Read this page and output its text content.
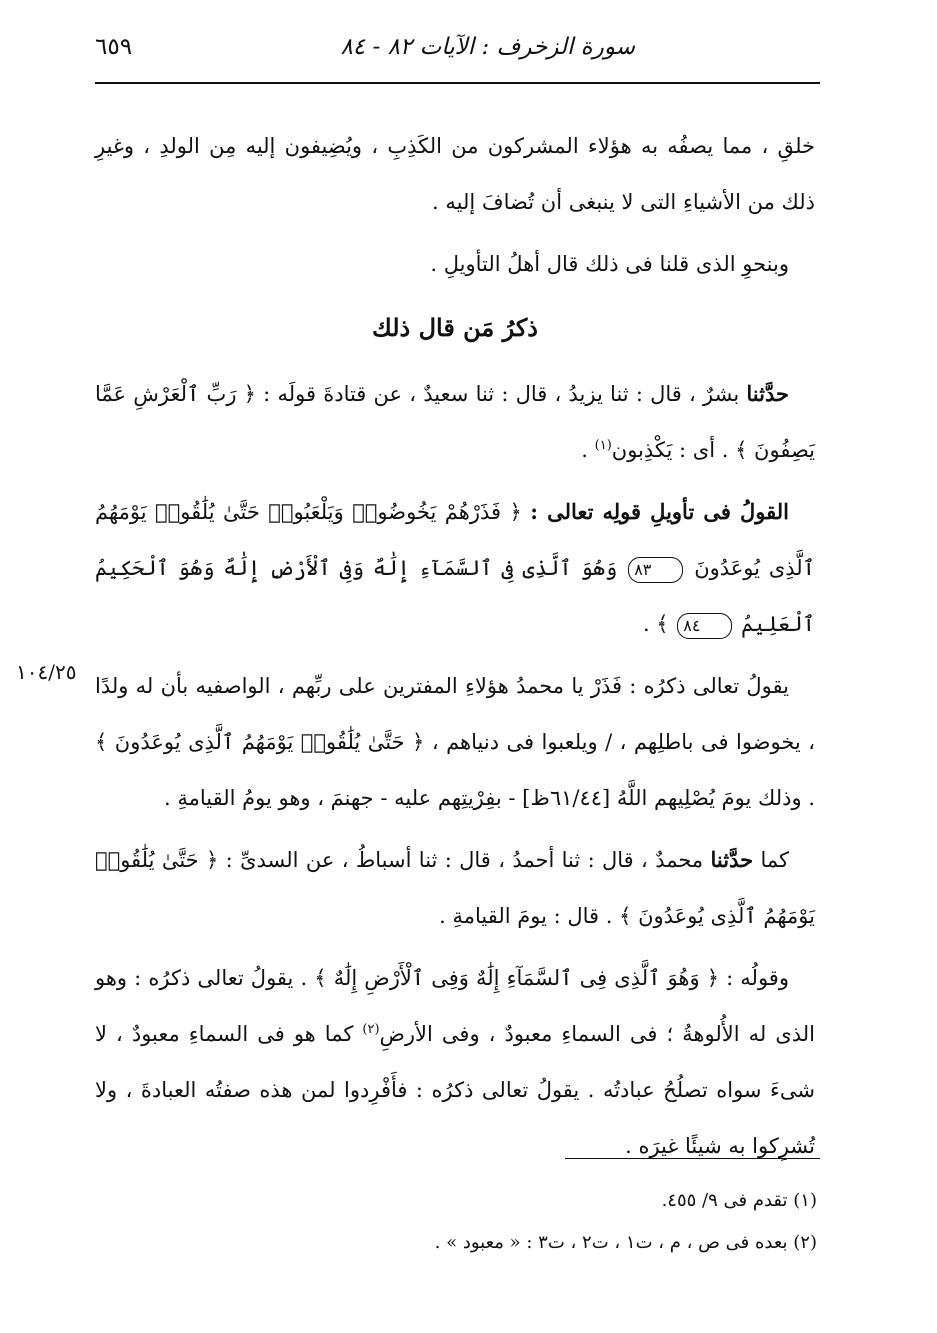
سورة الزخرف : الآيات ٨٢ - ٨٤
٦٥٩

خلقِ ، مما يصفُه به هؤلاء المشركون من الكَذِبِ ، ويُضِيفون إليه مِن الولدِ ، وغيرِ ذلك من الأشياءِ التى لا ينبغى أن تُضافَ إليه .

وبنحوِ الذى قلنا فى ذلك قال أهلُ التأويلِ .

ذكرُ مَن قال ذلك

حدَّثنا بشرٌ ، قال : ثنا يزيدُ ، قال : ثنا سعيدٌ ، عن قتادةَ قولَه : ﴿ رَبِّ ٱلْعَرْشِ عَمَّا يَصِفُونَ ﴾ . أى : يَكْذِبون$^{(١)}$ .

القولُ فى تأويلِ قولِه تعالى : ﴿ فَذَرْهُمْ يَخُوضُوا۟ وَيَلْعَبُوا۟ حَتَّىٰ يُلَٰقُوا۟ يَوْمَهُمُ ٱلَّذِى يُوعَدُونَ ٨٣ وَهُوَ ٱلَّذِى فِى ٱلسَّمَآءِ إِلَٰهٌ وَفِى ٱلْأَرْضِ إِلَٰهٌ وَهُوَ ٱلْحَكِيمُ ٱلْعَلِيمُ ٨٤ ﴾ .

يقولُ تعالى ذكرُه : فَذَرْ يا محمدُ هؤلاءِ المفترين على ربِّهم ، الواصفيه بأن له ولدًا ، يخوضوا فى باطلِهم ، / ويلعبوا فى دنياهم ، ﴿ حَتَّىٰ يُلَٰقُوا۟ يَوْمَهُمُ ٱلَّذِى يُوعَدُونَ ﴾ . وذلك يومَ يُصْلِيهم اللَّهُ [٦١/٤٤ظ] - بفِرْيتِهم عليه - جهنمَ ، وهو يومُ القيامةِ .

كما حدَّثنا محمدٌ ، قال : ثنا أحمدُ ، قال : ثنا أسباطُ ، عن السدىِّ : ﴿ حَتَّىٰ يُلَٰقُوا۟ يَوْمَهُمُ ٱلَّذِى يُوعَدُونَ ﴾ . قال : يومَ القيامةِ .

وقولُه : ﴿ وَهُوَ ٱلَّذِى فِى ٱلسَّمَآءِ إِلَٰهٌ وَفِى ٱلْأَرْضِ إِلَٰهٌ ﴾ . يقولُ تعالى ذكرُه : وهو الذى له الأُلوهةُ ؛ فى السماءِ معبودٌ ، وفى الأرضِ$^{(٢)}$ كما هو فى السماءِ معبودٌ ، لا شىءَ سواه تصلُحُ عبادتُه . يقولُ تعالى ذكرُه : فأَفْرِدوا لمن هذه صفتُه العبادةَ ، ولا تُشرِكوا به شيئًا غيرَه .

١٠٤/٢٥
(١) تقدم فى ٩/ ٤٥٥.
(٢) بعده فى ص ، م ، ت١ ، ت٢ ، ت٣ : « معبود » .
